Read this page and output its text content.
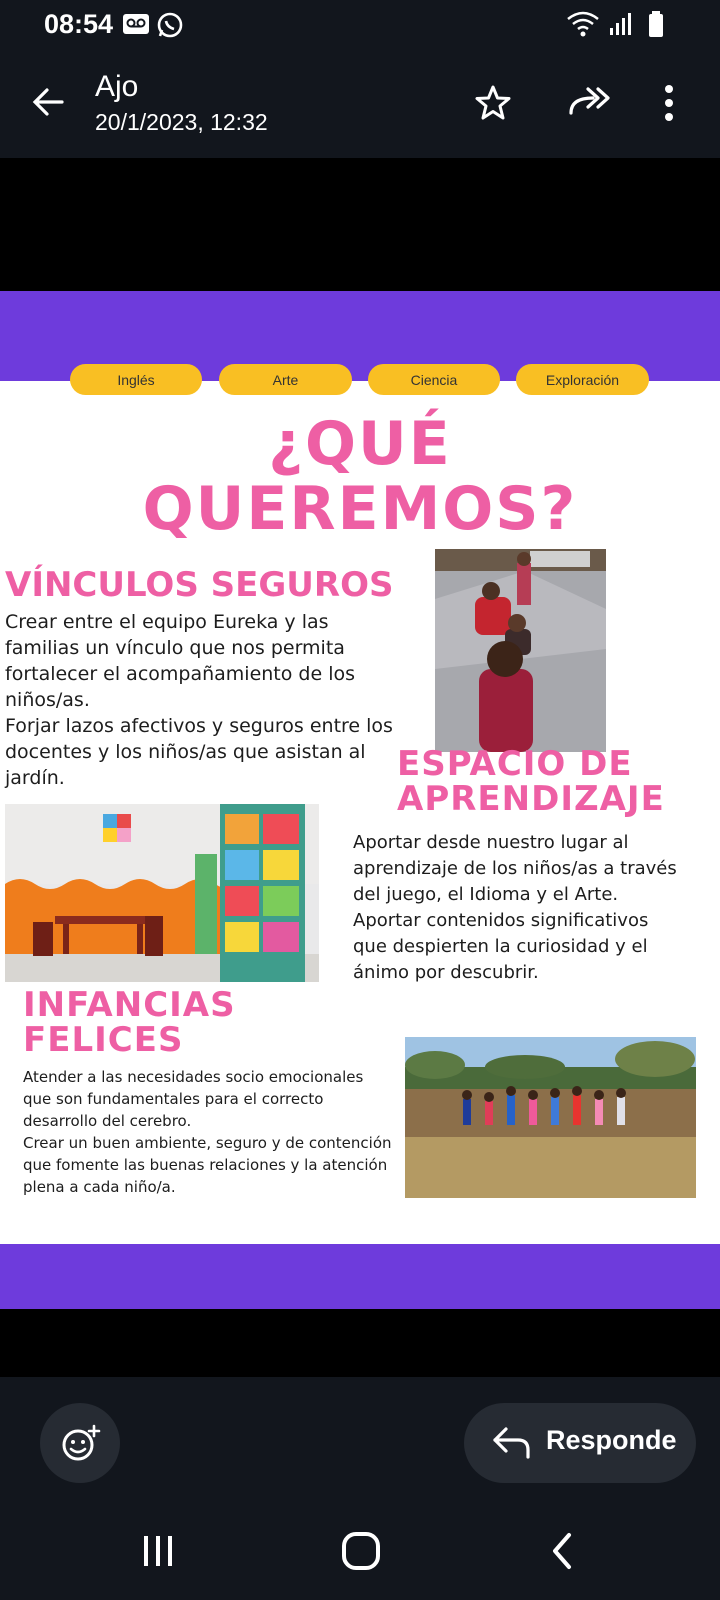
08:54
Ajo
20/1/2023, 12:32
Inglés	Arte	Ciencia	Exploración
¿QUÉ
QUEREMOS?
VÍNCULOS SEGUROS
Crear entre el equipo Eureka y las familias un vínculo que nos permita fortalecer el acompañamiento de los niños/as.
Forjar lazos afectivos y seguros entre los docentes y los niños/as que asistan al jardín.	ESPACIO DE
APRENDIZAJE
Aportar desde nuestro lugar al aprendizaje de los niños/as a través del juego, el Idioma y el Arte.
Aportar contenidos significativos que despierten la curiosidad y el ánimo por descubrir.
INFANCIAS
FELICES
Atender a las necesidades socio emocionales que son fundamentales para el correcto desarrollo del cerebro.
Crear un buen ambiente, seguro y de contención que fomente las buenas relaciones y la atención plena a cada niño/a.
Responde
